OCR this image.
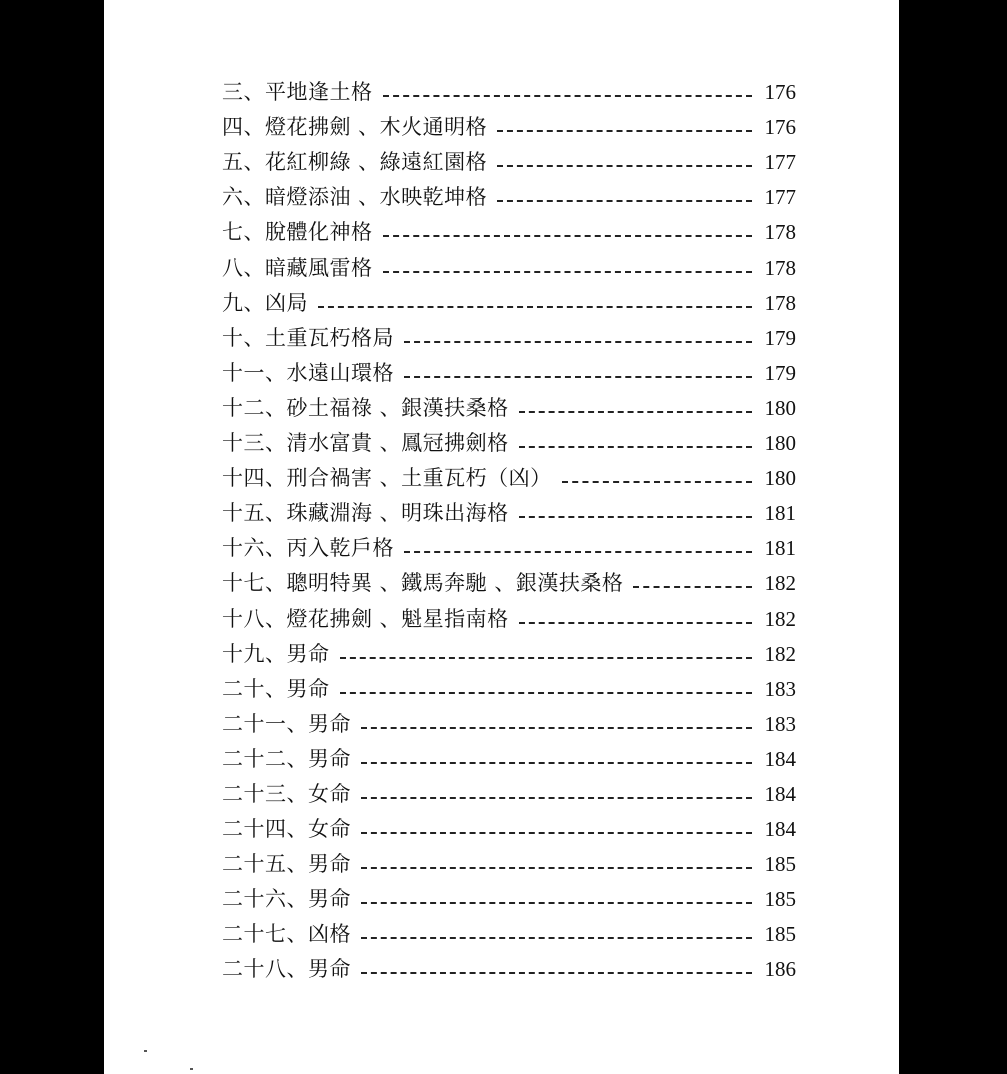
三、平地逢土格	176
四、燈花拂劍 、木火通明格	176
五、花紅柳綠 、綠遠紅園格	177
六、暗燈添油 、水映乾坤格	177
七、脫體化神格	178
八、暗藏風雷格	178
九、凶局	178
十、土重瓦朽格局	179
十一、水遠山環格	179
十二、砂土福祿 、銀漢扶桑格	180
十三、清水富貴 、鳳冠拂劍格	180
十四、刑合禍害 、土重瓦朽（凶）	180
十五、珠藏淵海 、明珠出海格	181
十六、丙入乾戶格	181
十七、聰明特異 、鐵馬奔馳 、銀漢扶桑格	182
十八、燈花拂劍 、魁星指南格	182
十九、男命	182
二十、男命	183
二十一、男命	183
二十二、男命	184
二十三、女命	184
二十四、女命	184
二十五、男命	185
二十六、男命	185
二十七、凶格	185
二十八、男命	186
